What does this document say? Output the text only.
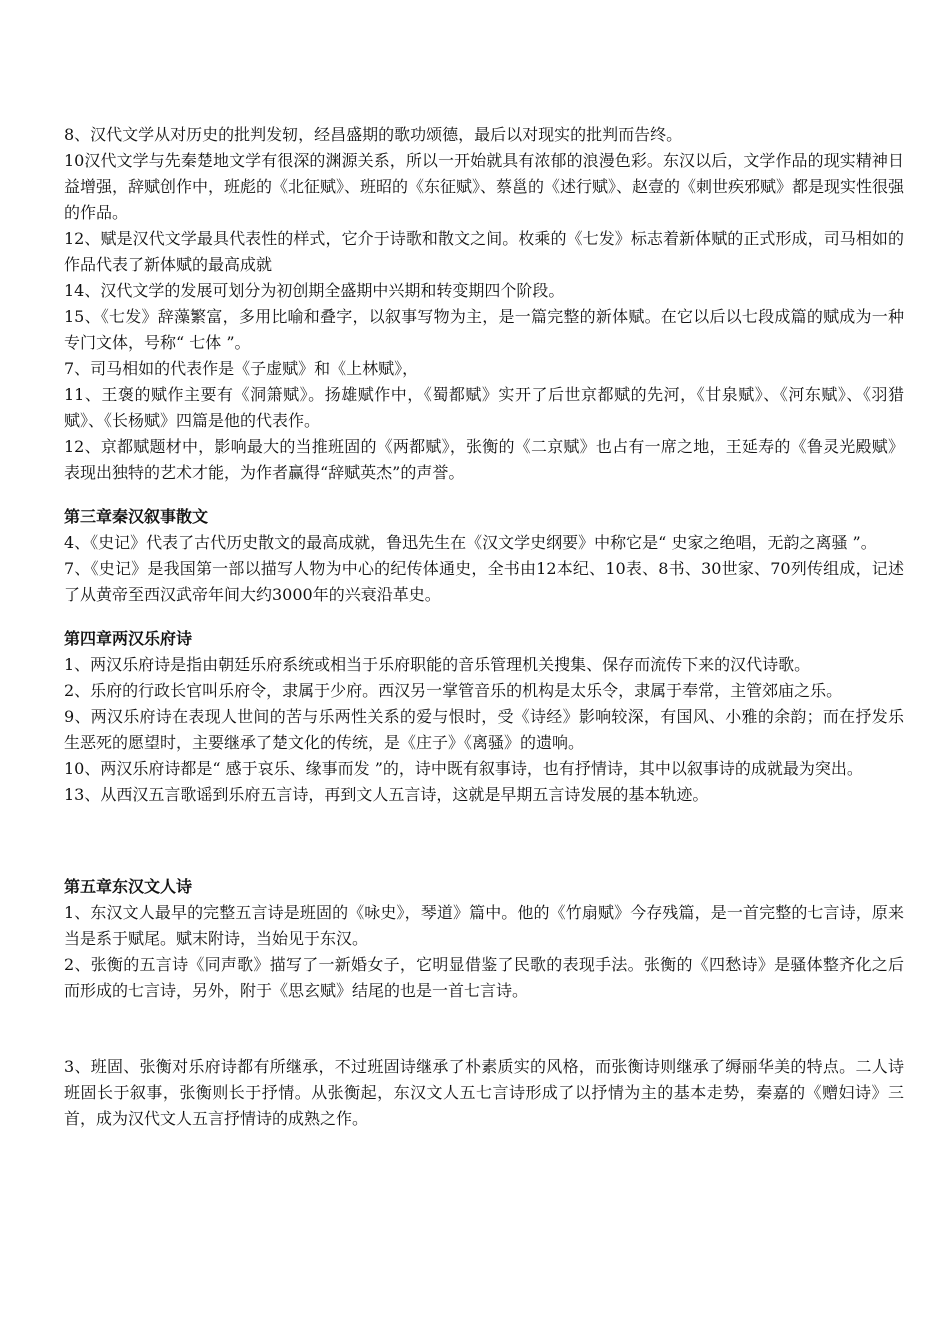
8、汉代文学从对历史的批判发轫，经昌盛期的歌功颂德，最后以对现实的批判而告终。

10汉代文学与先秦楚地文学有很深的渊源关系，所以一开始就具有浓郁的浪漫色彩。东汉以后，文学作品的现实精神日益增强，辞赋创作中，班彪的《北征赋》、班昭的《东征赋》、蔡邕的《述行赋》、赵壹的《刺世疾邪赋》都是现实性很强的作品。

12、赋是汉代文学最具代表性的样式，它介于诗歌和散文之间。枚乘的《七发》标志着新体赋的正式形成，司马相如的作品代表了新体赋的最高成就

14、汉代文学的发展可划分为初创期全盛期中兴期和转变期四个阶段。

15、《七发》辞藻繁富，多用比喻和叠字，以叙事写物为主，是一篇完整的新体赋。在它以后以七段成篇的赋成为一种专门文体，号称“ 七体 ”。

7、司马相如的代表作是《子虚赋》和《上林赋》，

11、王褒的赋作主要有《洞箫赋》。扬雄赋作中，《蜀都赋》实开了后世京都赋的先河，《甘泉赋》、《河东赋》、《羽猎赋》、《长杨赋》四篇是他的代表作。

12、京都赋题材中，影响最大的当推班固的《两都赋》，张衡的《二京赋》也占有一席之地，王延寿的《鲁灵光殿赋》表现出独特的艺术才能，为作者赢得“辞赋英杰”的声誉。

第三章秦汉叙事散文

4、《史记》代表了古代历史散文的最高成就，鲁迅先生在《汉文学史纲要》中称它是“ 史家之绝唱，无韵之离骚 ”。

7、《史记》是我国第一部以描写人物为中心的纪传体通史，全书由12本纪、10表、8书、30世家、70列传组成，记述了从黄帝至西汉武帝年间大约3000年的兴衰沿革史。

第四章两汉乐府诗

1、两汉乐府诗是指由朝廷乐府系统或相当于乐府职能的音乐管理机关搜集、保存而流传下来的汉代诗歌。

2、乐府的行政长官叫乐府令，隶属于少府。西汉另一掌管音乐的机构是太乐令，隶属于奉常，主管郊庙之乐。

9、两汉乐府诗在表现人世间的苦与乐两性关系的爱与恨时，受《诗经》影响较深，有国风、小雅的余韵；而在抒发乐生恶死的愿望时，主要继承了楚文化的传统，是《庄子》《离骚》的遗响。

10、两汉乐府诗都是“ 感于哀乐、缘事而发 ”的，诗中既有叙事诗，也有抒情诗，其中以叙事诗的成就最为突出。

13、从西汉五言歌谣到乐府五言诗，再到文人五言诗，这就是早期五言诗发展的基本轨迹。

第五章东汉文人诗

1、东汉文人最早的完整五言诗是班固的《咏史》，琴道》篇中。他的《竹扇赋》今存残篇，是一首完整的七言诗，原来当是系于赋尾。赋末附诗，当始见于东汉。

2、张衡的五言诗《同声歌》描写了一新婚女子，它明显借鉴了民歌的表现手法。张衡的《四愁诗》是骚体整齐化之后而形成的七言诗，另外，附于《思玄赋》结尾的也是一首七言诗。

3、班固、张衡对乐府诗都有所继承，不过班固诗继承了朴素质实的风格，而张衡诗则继承了缛丽华美的特点。二人诗班固长于叙事，张衡则长于抒情。从张衡起，东汉文人五七言诗形成了以抒情为主的基本走势，秦嘉的《赠妇诗》三首，成为汉代文人五言抒情诗的成熟之作。
